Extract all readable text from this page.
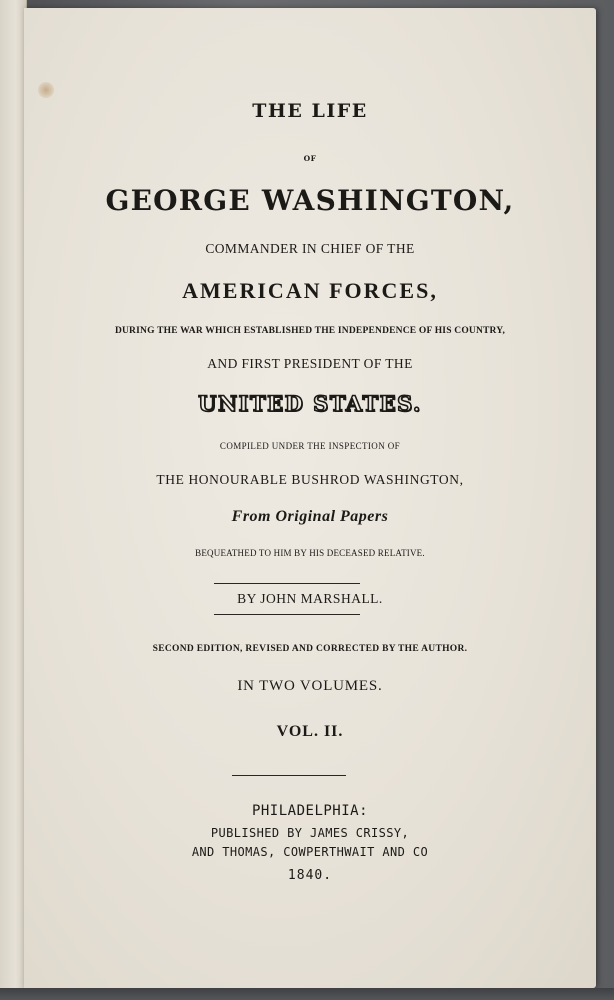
THE LIFE
OF
GEORGE WASHINGTON,
COMMANDER IN CHIEF OF THE
AMERICAN FORCES,
DURING THE WAR WHICH ESTABLISHED THE INDEPENDENCE OF HIS COUNTRY,
AND FIRST PRESIDENT OF THE
UNITED STATES.
COMPILED UNDER THE INSPECTION OF
THE HONOURABLE BUSHROD WASHINGTON,
From Original Papers
BEQUEATHED TO HIM BY HIS DECEASED RELATIVE.
BY JOHN MARSHALL.
SECOND EDITION, REVISED AND CORRECTED BY THE AUTHOR.
IN TWO VOLUMES.
VOL. II.
PHILADELPHIA:
PUBLISHED BY JAMES CRISSY,
AND THOMAS, COWPERTHWAIT AND CO
1840.
